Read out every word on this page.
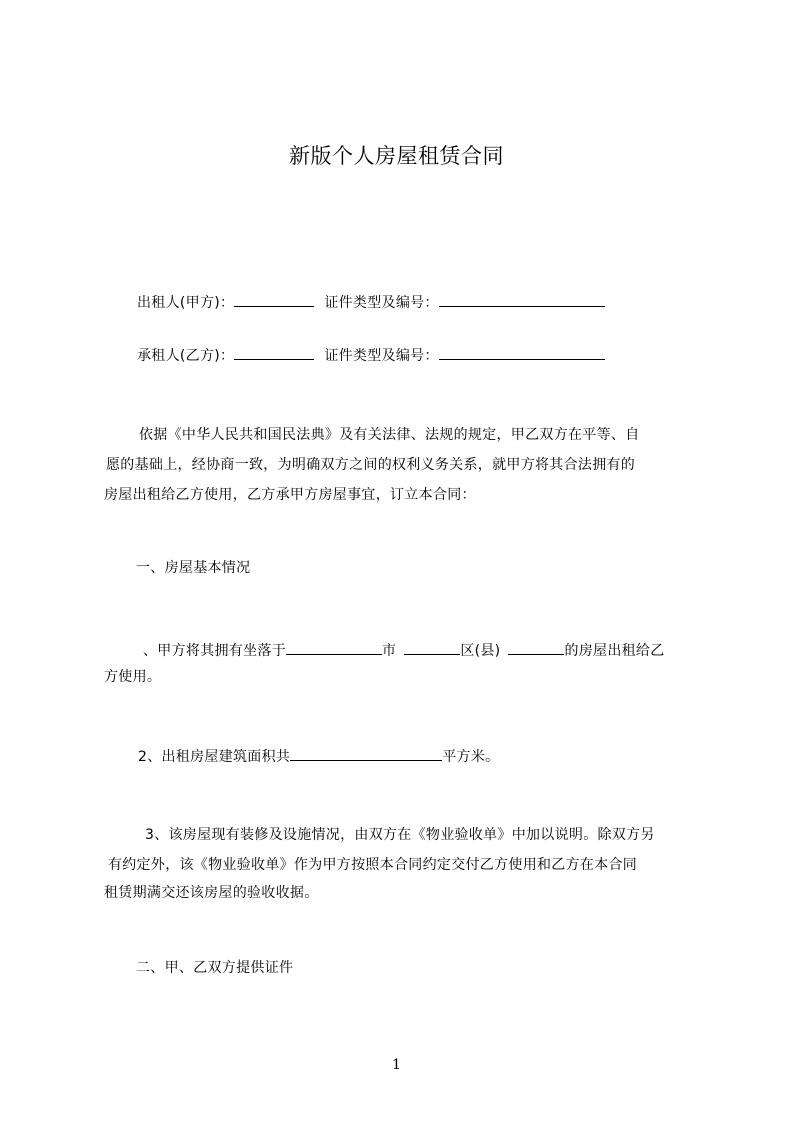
新版个人房屋租赁合同
出租人(甲方)：	证件类型及编号：
承租人(乙方)：	证件类型及编号：
依据《中华人民共和国民法典》及有关法律、法规的规定，甲乙双方在平等、自
愿的基础上，经协商一致，为明确双方之间的权利义务关系，就甲方将其合法拥有的
房屋出租给乙方使用，乙方承甲方房屋事宜，订立本合同：
一、房屋基本情况
、甲方将其拥有坐落于	市	区(县)	的房屋出租给乙
方使用。
2、出租房屋建筑面积共	平方米。
3、该房屋现有装修及设施情况，由双方在《物业验收单》中加以说明。除双方另
有约定外，该《物业验收单》作为甲方按照本合同约定交付乙方使用和乙方在本合同
租赁期满交还该房屋的验收收据。
二、甲、乙双方提供证件
1
